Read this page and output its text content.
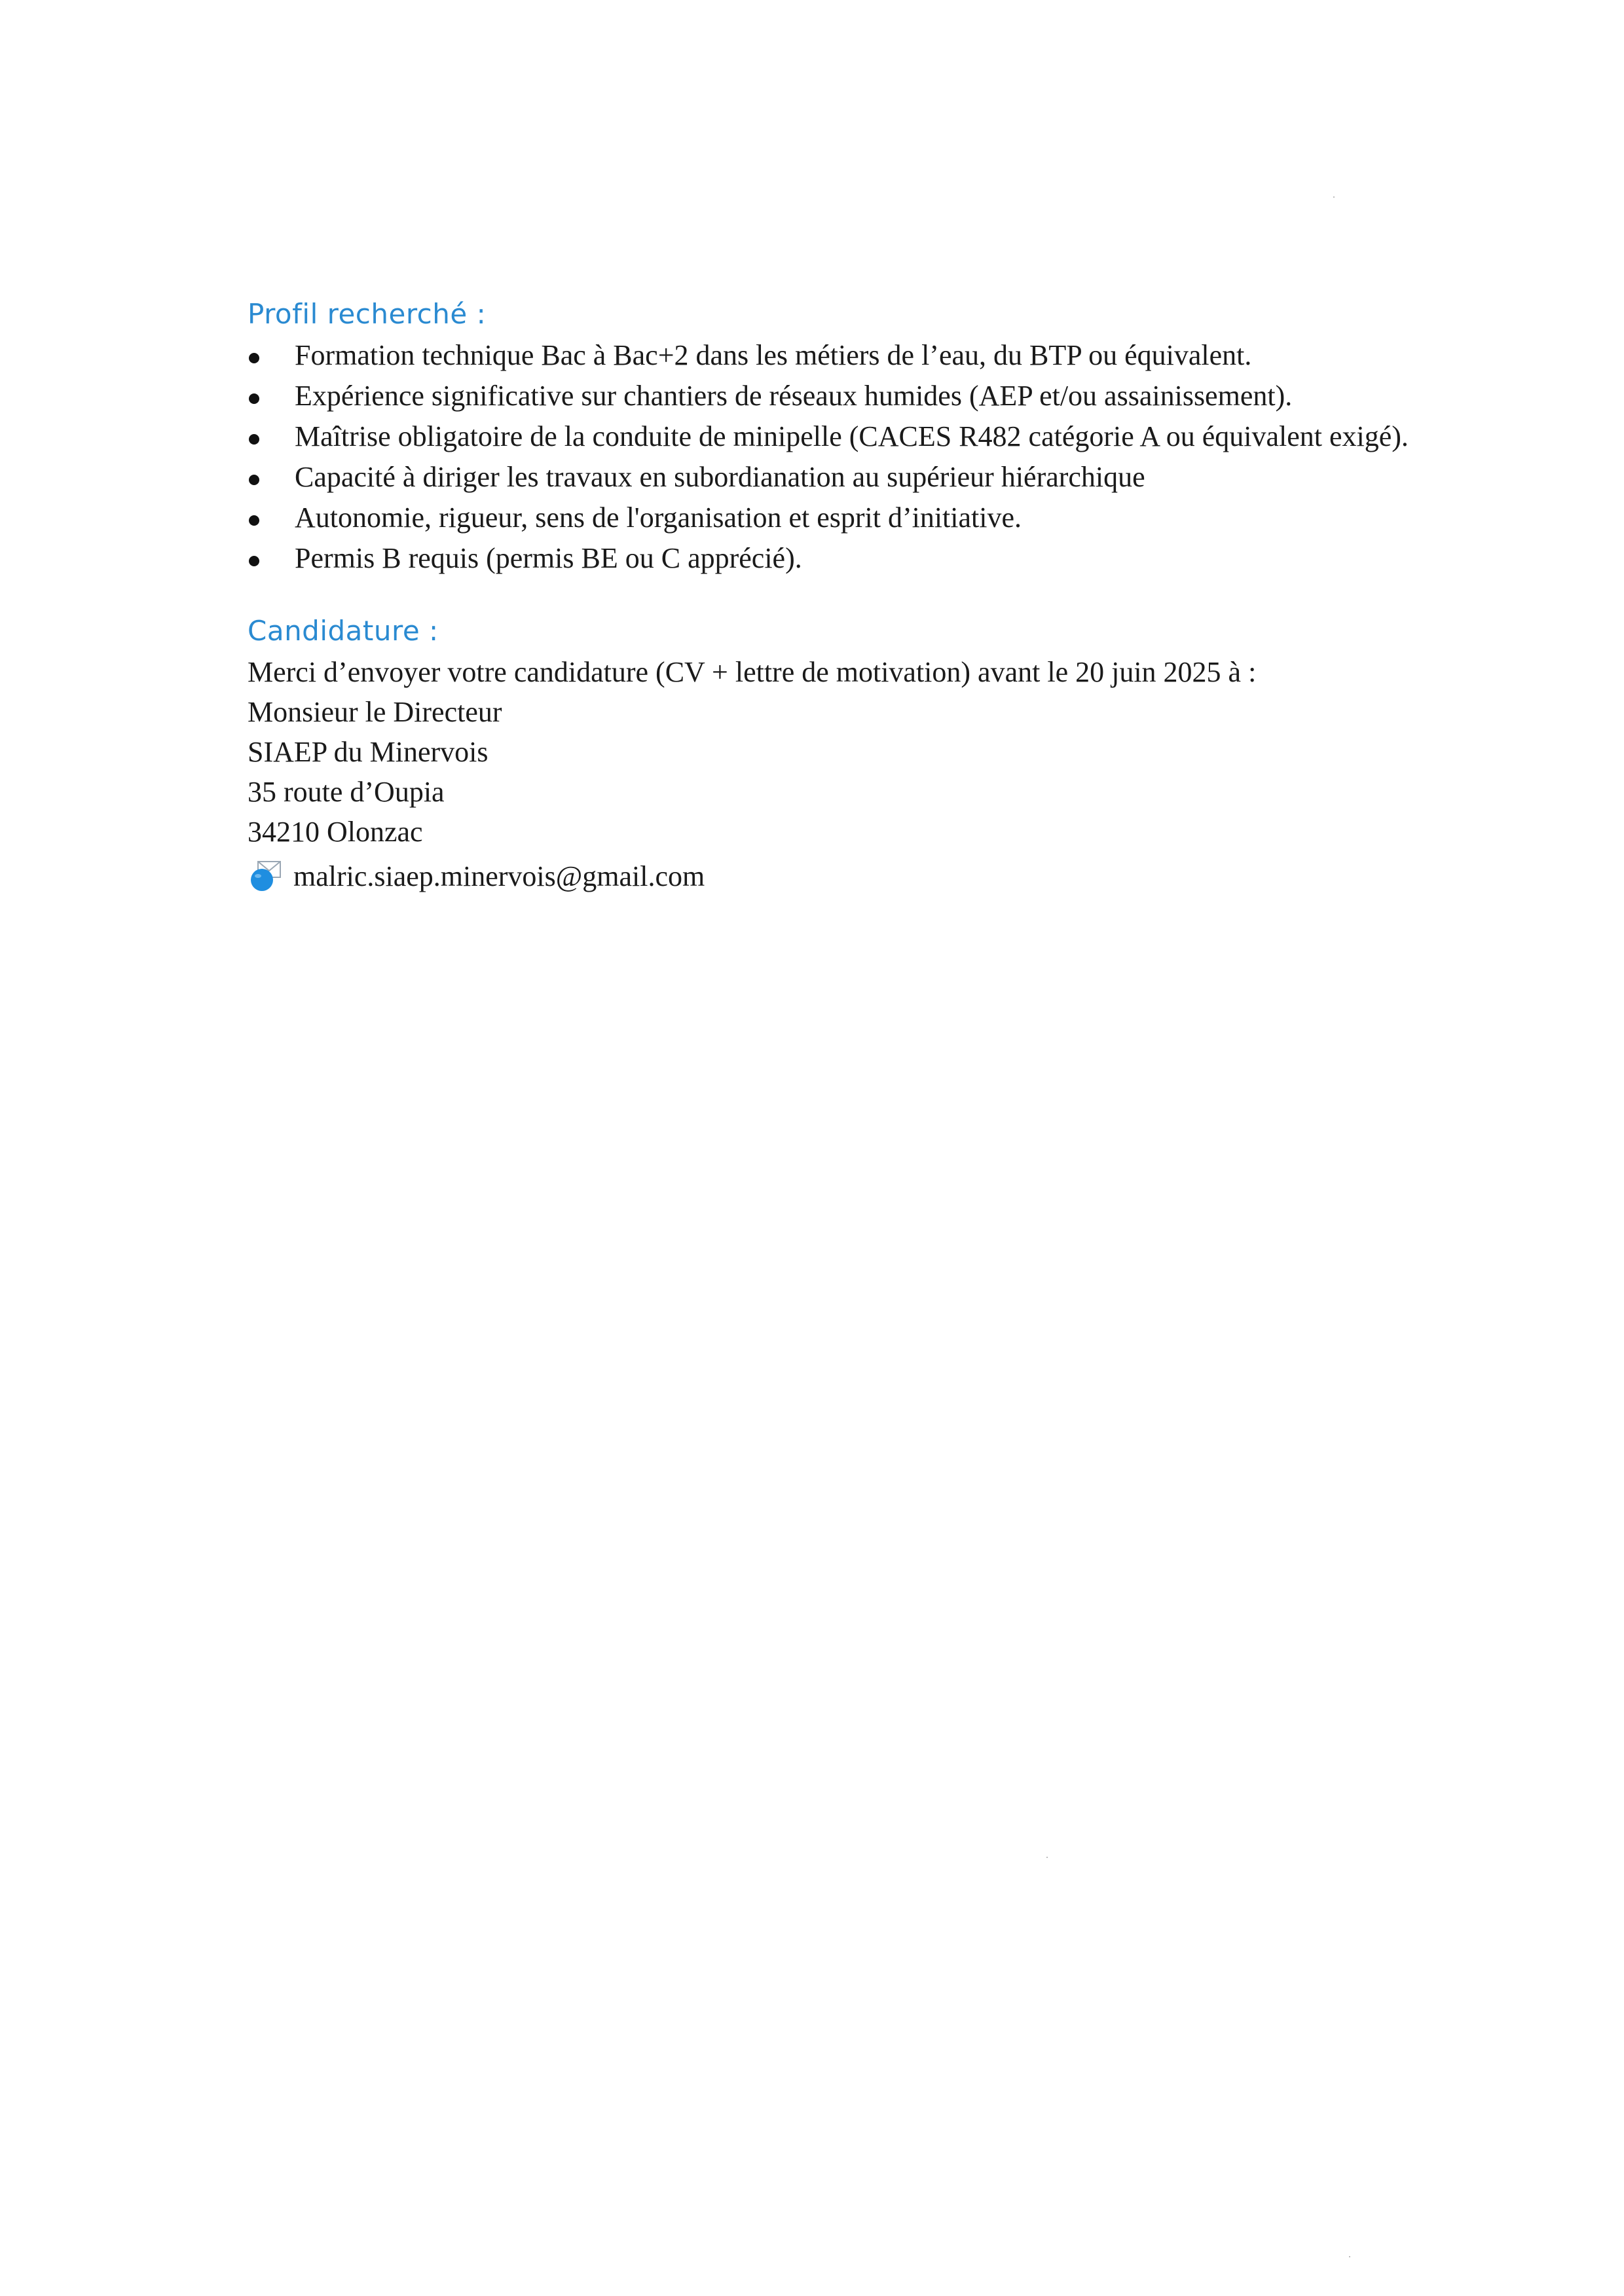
Profil recherché :
Formation technique Bac à Bac+2 dans les métiers de l’eau, du BTP ou équivalent.
Expérience significative sur chantiers de réseaux humides (AEP et/ou assainissement).
Maîtrise obligatoire de la conduite de minipelle (CACES R482 catégorie A ou équivalent exigé).
Capacité à diriger les travaux en subordianation au supérieur hiérarchique
Autonomie, rigueur, sens de l'organisation et esprit d’initiative.
Permis B requis (permis BE ou C apprécié).
Candidature :

Merci d’envoyer votre candidature (CV + lettre de motivation) avant le 20 juin 2025 à :

Monsieur le Directeur

SIAEP du Minervois

35 route d’Oupia

34210 Olonzac

malric.siaep.minervois@gmail.com
